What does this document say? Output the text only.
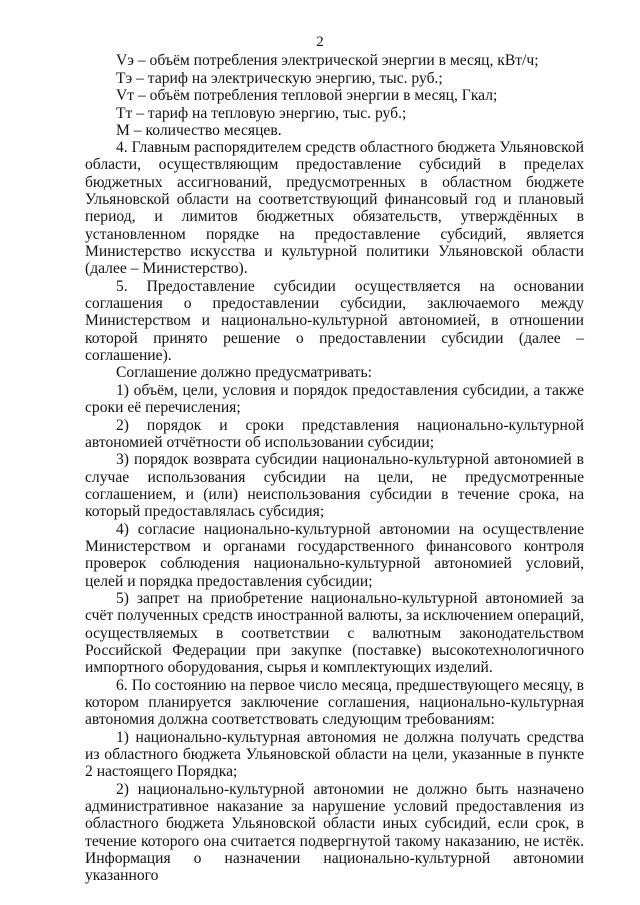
2
Vэ – объём потребления электрической энергии в месяц, кВт/ч;
Тэ – тариф на электрическую энергию, тыс. руб.;
Vт – объём потребления тепловой энергии в месяц, Гкал;
Тт – тариф на тепловую энергию, тыс. руб.;
М – количество месяцев.

4. Главным распорядителем средств областного бюджета Ульяновской области, осуществляющим предоставление субсидий в пределах бюджетных ассигнований, предусмотренных в областном бюджете Ульяновской области на соответствующий финансовый год и плановый период, и лимитов бюджетных обязательств, утверждённых в установленном порядке на предоставление субсидий, является Министерство искусства и культурной политики Ульяновской области (далее – Министерство).

5. Предоставление субсидии осуществляется на основании соглашения о предоставлении субсидии, заключаемого между Министерством и национально-культурной автономией, в отношении которой принято решение о предоставлении субсидии (далее – соглашение).

Соглашение должно предусматривать:

1) объём, цели, условия и порядок предоставления субсидии, а также сроки её перечисления;

2) порядок и сроки представления национально-культурной автономией отчётности об использовании субсидии;

3) порядок возврата субсидии национально-культурной автономией в случае использования субсидии на цели, не предусмотренные соглашением, и (или) неиспользования субсидии в течение срока, на который предоставлялась субсидия;

4) согласие национально-культурной автономии на осуществление Министерством и органами государственного финансового контроля проверок соблюдения национально-культурной автономией условий, целей и порядка предоставления субсидии;

5) запрет на приобретение национально-культурной автономией за счёт полученных средств иностранной валюты, за исключением операций, осуществляемых в соответствии с валютным законодательством Российской Федерации при закупке (поставке) высокотехнологичного импортного оборудования, сырья и комплектующих изделий.

6. По состоянию на первое число месяца, предшествующего месяцу, в котором планируется заключение соглашения, национально-культурная автономия должна соответствовать следующим требованиям:

1) национально-культурная автономия не должна получать средства из областного бюджета Ульяновской области на цели, указанные в пункте 2 настоящего Порядка;

2) национально-культурной автономии не должно быть назначено административное наказание за нарушение условий предоставления из областного бюджета Ульяновской области иных субсидий, если срок, в течение которого она считается подвергнутой такому наказанию, не истёк. Информация о назначении национально-культурной автономии указанного
